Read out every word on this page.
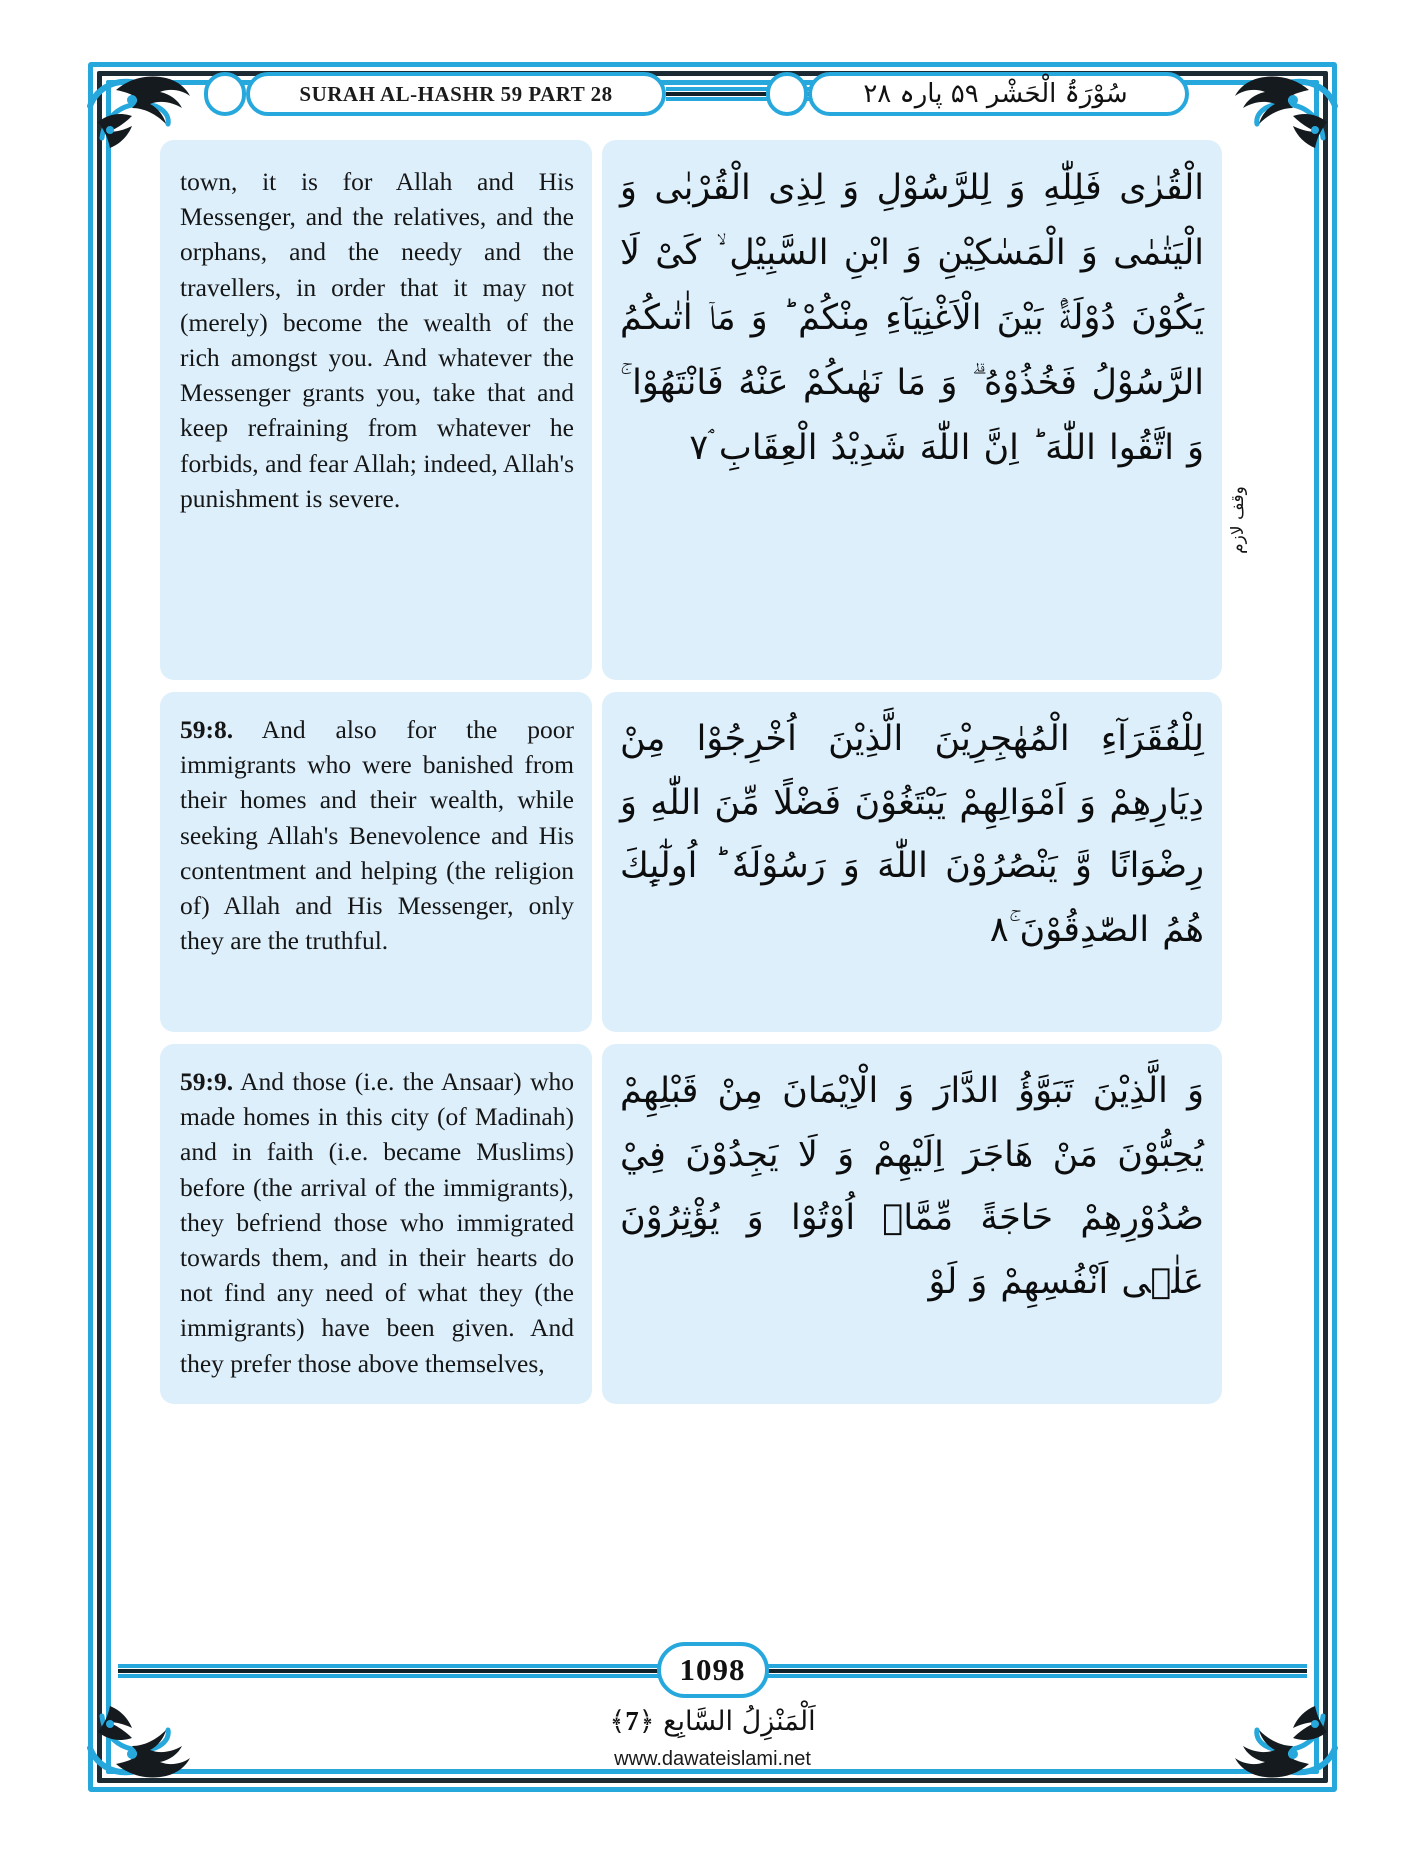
SURAH AL-HASHR 59 PART 28	سُوْرَۃُ الْحَشْر ۵۹ پارہ ۲۸
town, it is for Allah and His Messenger, and the relatives, and the orphans, and the needy and the travellers, in order that it may not (merely) become the wealth of the rich amongst you. And whatever the Messenger grants you, take that and keep refraining from whatever he forbids, and fear Allah; indeed, Allah's punishment is severe.
الْقُرٰى فَلِلّٰهِ وَ لِلرَّسُوْلِ وَ لِذِى الْقُرْبٰى وَ الْيَتٰمٰى وَ الْمَسٰكِيْنِ وَ ابْنِ السَّبِيْلِ ۙ كَیْ لَا يَكُوْنَ دُوْلَةًۢ بَيْنَ الْاَغْنِيَآءِ مِنْكُمْ ؕ وَ مَاۤ اٰتٰىكُمُ الرَّسُوْلُ فَخُذُوْهُ ۗ وَ مَا نَهٰىكُمْ عَنْهُ فَانْتَهُوْا ۚ وَ اتَّقُوا اللّٰهَ ؕ اِنَّ اللّٰهَ شَدِيْدُ الْعِقَابِ ۘ۷
59:8. And also for the poor immigrants who were banished from their homes and their wealth, while seeking Allah's Benevolence and His contentment and helping (the religion of) Allah and His Messenger, only they are the truthful.
لِلْفُقَرَآءِ الْمُهٰجِرِيْنَ الَّذِيْنَ اُخْرِجُوْا مِنْ دِيَارِهِمْ وَ اَمْوَالِهِمْ يَبْتَغُوْنَ فَضْلًا مِّنَ اللّٰهِ وَ رِضْوَانًا وَّ يَنْصُرُوْنَ اللّٰهَ وَ رَسُوْلَهٗ ؕ اُولٰٓىِٕكَ هُمُ الصّٰدِقُوْنَ ۚ۸
59:9. And those (i.e. the Ansaar) who made homes in this city (of Madinah) and in faith (i.e. became Muslims) before (the arrival of the immigrants), they befriend those who immigrated towards them, and in their hearts do not find any need of what they (the immigrants) have been given. And they prefer those above themselves,
وَ الَّذِيْنَ تَبَوَّؤُ الدَّارَ وَ الْاِيْمَانَ مِنْ قَبْلِهِمْ يُحِبُّوْنَ مَنْ هَاجَرَ اِلَيْهِمْ وَ لَا يَجِدُوْنَ فِيْ صُدُوْرِهِمْ حَاجَةً مِّمَّاۤ اُوْتُوْا وَ يُؤْثِرُوْنَ عَلٰۤى اَنْفُسِهِمْ وَ لَوْ
وقف لازم
1098
اَلْمَنْزِلُ السَّابِع ﴿7﴾
www.dawateislami.net
